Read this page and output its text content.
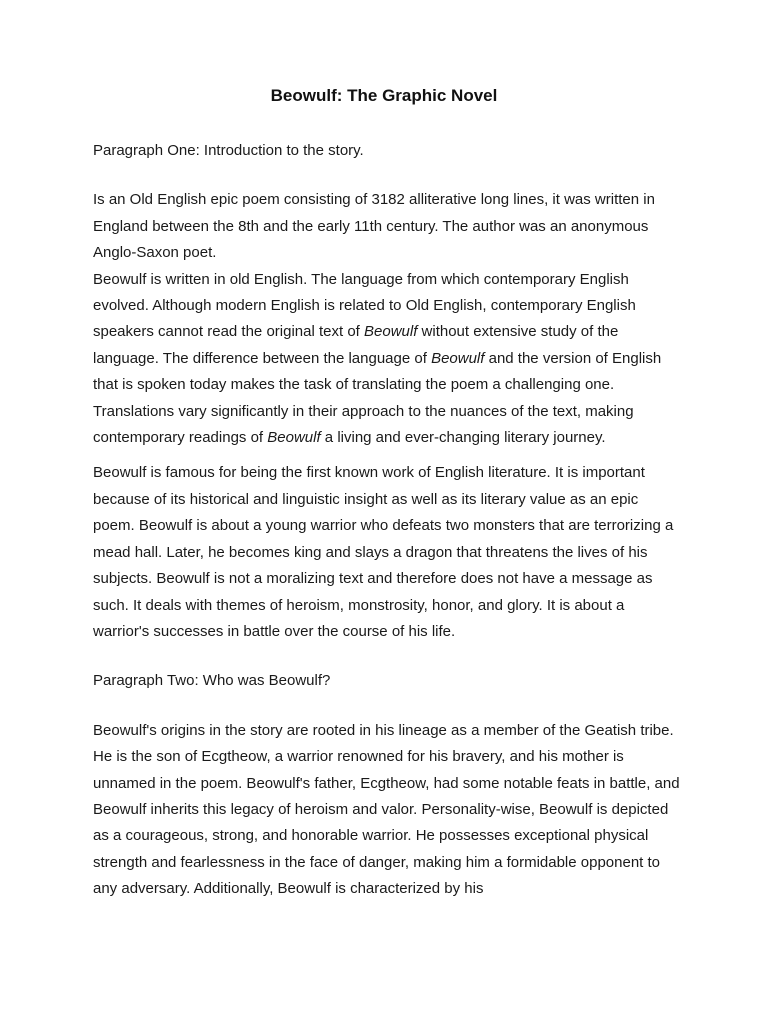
Beowulf: The Graphic Novel

Paragraph One: Introduction to the story.

Is an Old English epic poem consisting of 3182 alliterative long lines, it was written in England between the 8th and the early 11th century. The author was an anonymous Anglo-Saxon poet.

Beowulf is written in old English. The language from which contemporary English evolved. Although modern English is related to Old English, contemporary English speakers cannot read the original text of Beowulf without extensive study of the language. The difference between the language of Beowulf and the version of English that is spoken today makes the task of translating the poem a challenging one. Translations vary significantly in their approach to the nuances of the text, making contemporary readings of Beowulf a living and ever-changing literary journey.

Beowulf is famous for being the first known work of English literature. It is important because of its historical and linguistic insight as well as its literary value as an epic poem. Beowulf is about a young warrior who defeats two monsters that are terrorizing a mead hall. Later, he becomes king and slays a dragon that threatens the lives of his subjects. Beowulf is not a moralizing text and therefore does not have a message as such. It deals with themes of heroism, monstrosity, honor, and glory. It is about a warrior's successes in battle over the course of his life.

Paragraph Two: Who was Beowulf?

Beowulf's origins in the story are rooted in his lineage as a member of the Geatish tribe. He is the son of Ecgtheow, a warrior renowned for his bravery, and his mother is unnamed in the poem. Beowulf's father, Ecgtheow, had some notable feats in battle, and Beowulf inherits this legacy of heroism and valor. Personality-wise, Beowulf is depicted as a courageous, strong, and honorable warrior. He possesses exceptional physical strength and fearlessness in the face of danger, making him a formidable opponent to any adversary. Additionally, Beowulf is characterized by his
